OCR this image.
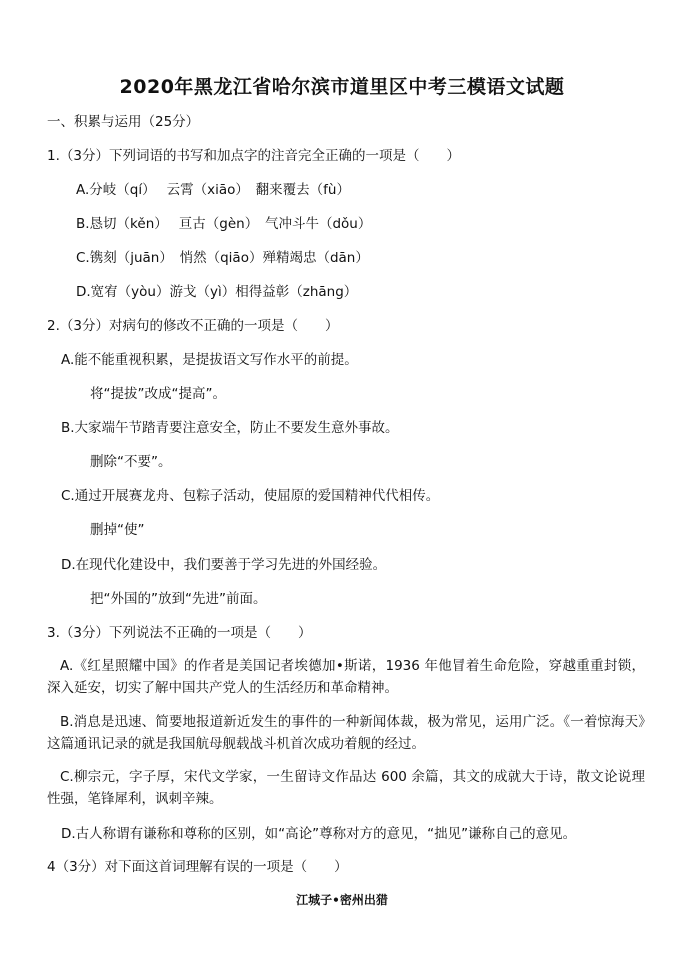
2020年黑龙江省哈尔滨市道里区中考三模语文试题
一、积累与运用（25分）
1.（3分）下列词语的书写和加点字的注音完全正确的一项是（　　）
A.分岐（qí）　 云霄（xiāo）　翻来覆去（fù）
B.恳切（kěn）　 亘古（gèn）　气冲斗牛（dǒu）
C.镌刻（juān）　悄然（qiāo）殚精竭忠（dān）
D.宽宥（yòu）游戈（yì）相得益彰（zhāng）
2.（3分）对病句的修改不正确的一项是（　　）
A.能不能重视积累，是提拔语文写作水平的前提。
将“提拔”改成“提高”。
B.大家端午节踏青要注意安全，防止不要发生意外事故。
删除“不要”。
C.通过开展赛龙舟、包粽子活动，使屈原的爱国精神代代相传。
删掉“使”
D.在现代化建设中，我们要善于学习先进的外国经验。
把“外国的”放到“先进”前面。
3.（3分）下列说法不正确的一项是（　　）
A.《红星照耀中国》的作者是美国记者埃德加•斯诺，1936 年他冒着生命危险，穿越重重封锁，深入延安，切实了解中国共产党人的生活经历和革命精神。
B.消息是迅速、简要地报道新近发生的事件的一种新闻体裁，极为常见，运用广泛。《一着惊海天》这篇通讯记录的就是我国航母舰载战斗机首次成功着舰的经过。
C.柳宗元，字子厚，宋代文学家，一生留诗文作品达 600 余篇，其文的成就大于诗，散文论说理性强，笔锋犀利，讽刺辛辣。
D.古人称谓有谦称和尊称的区别，如“高论”尊称对方的意见，“拙见”谦称自己的意见。
4（3分）对下面这首词理解有误的一项是（　　）
江城子•密州出猎
